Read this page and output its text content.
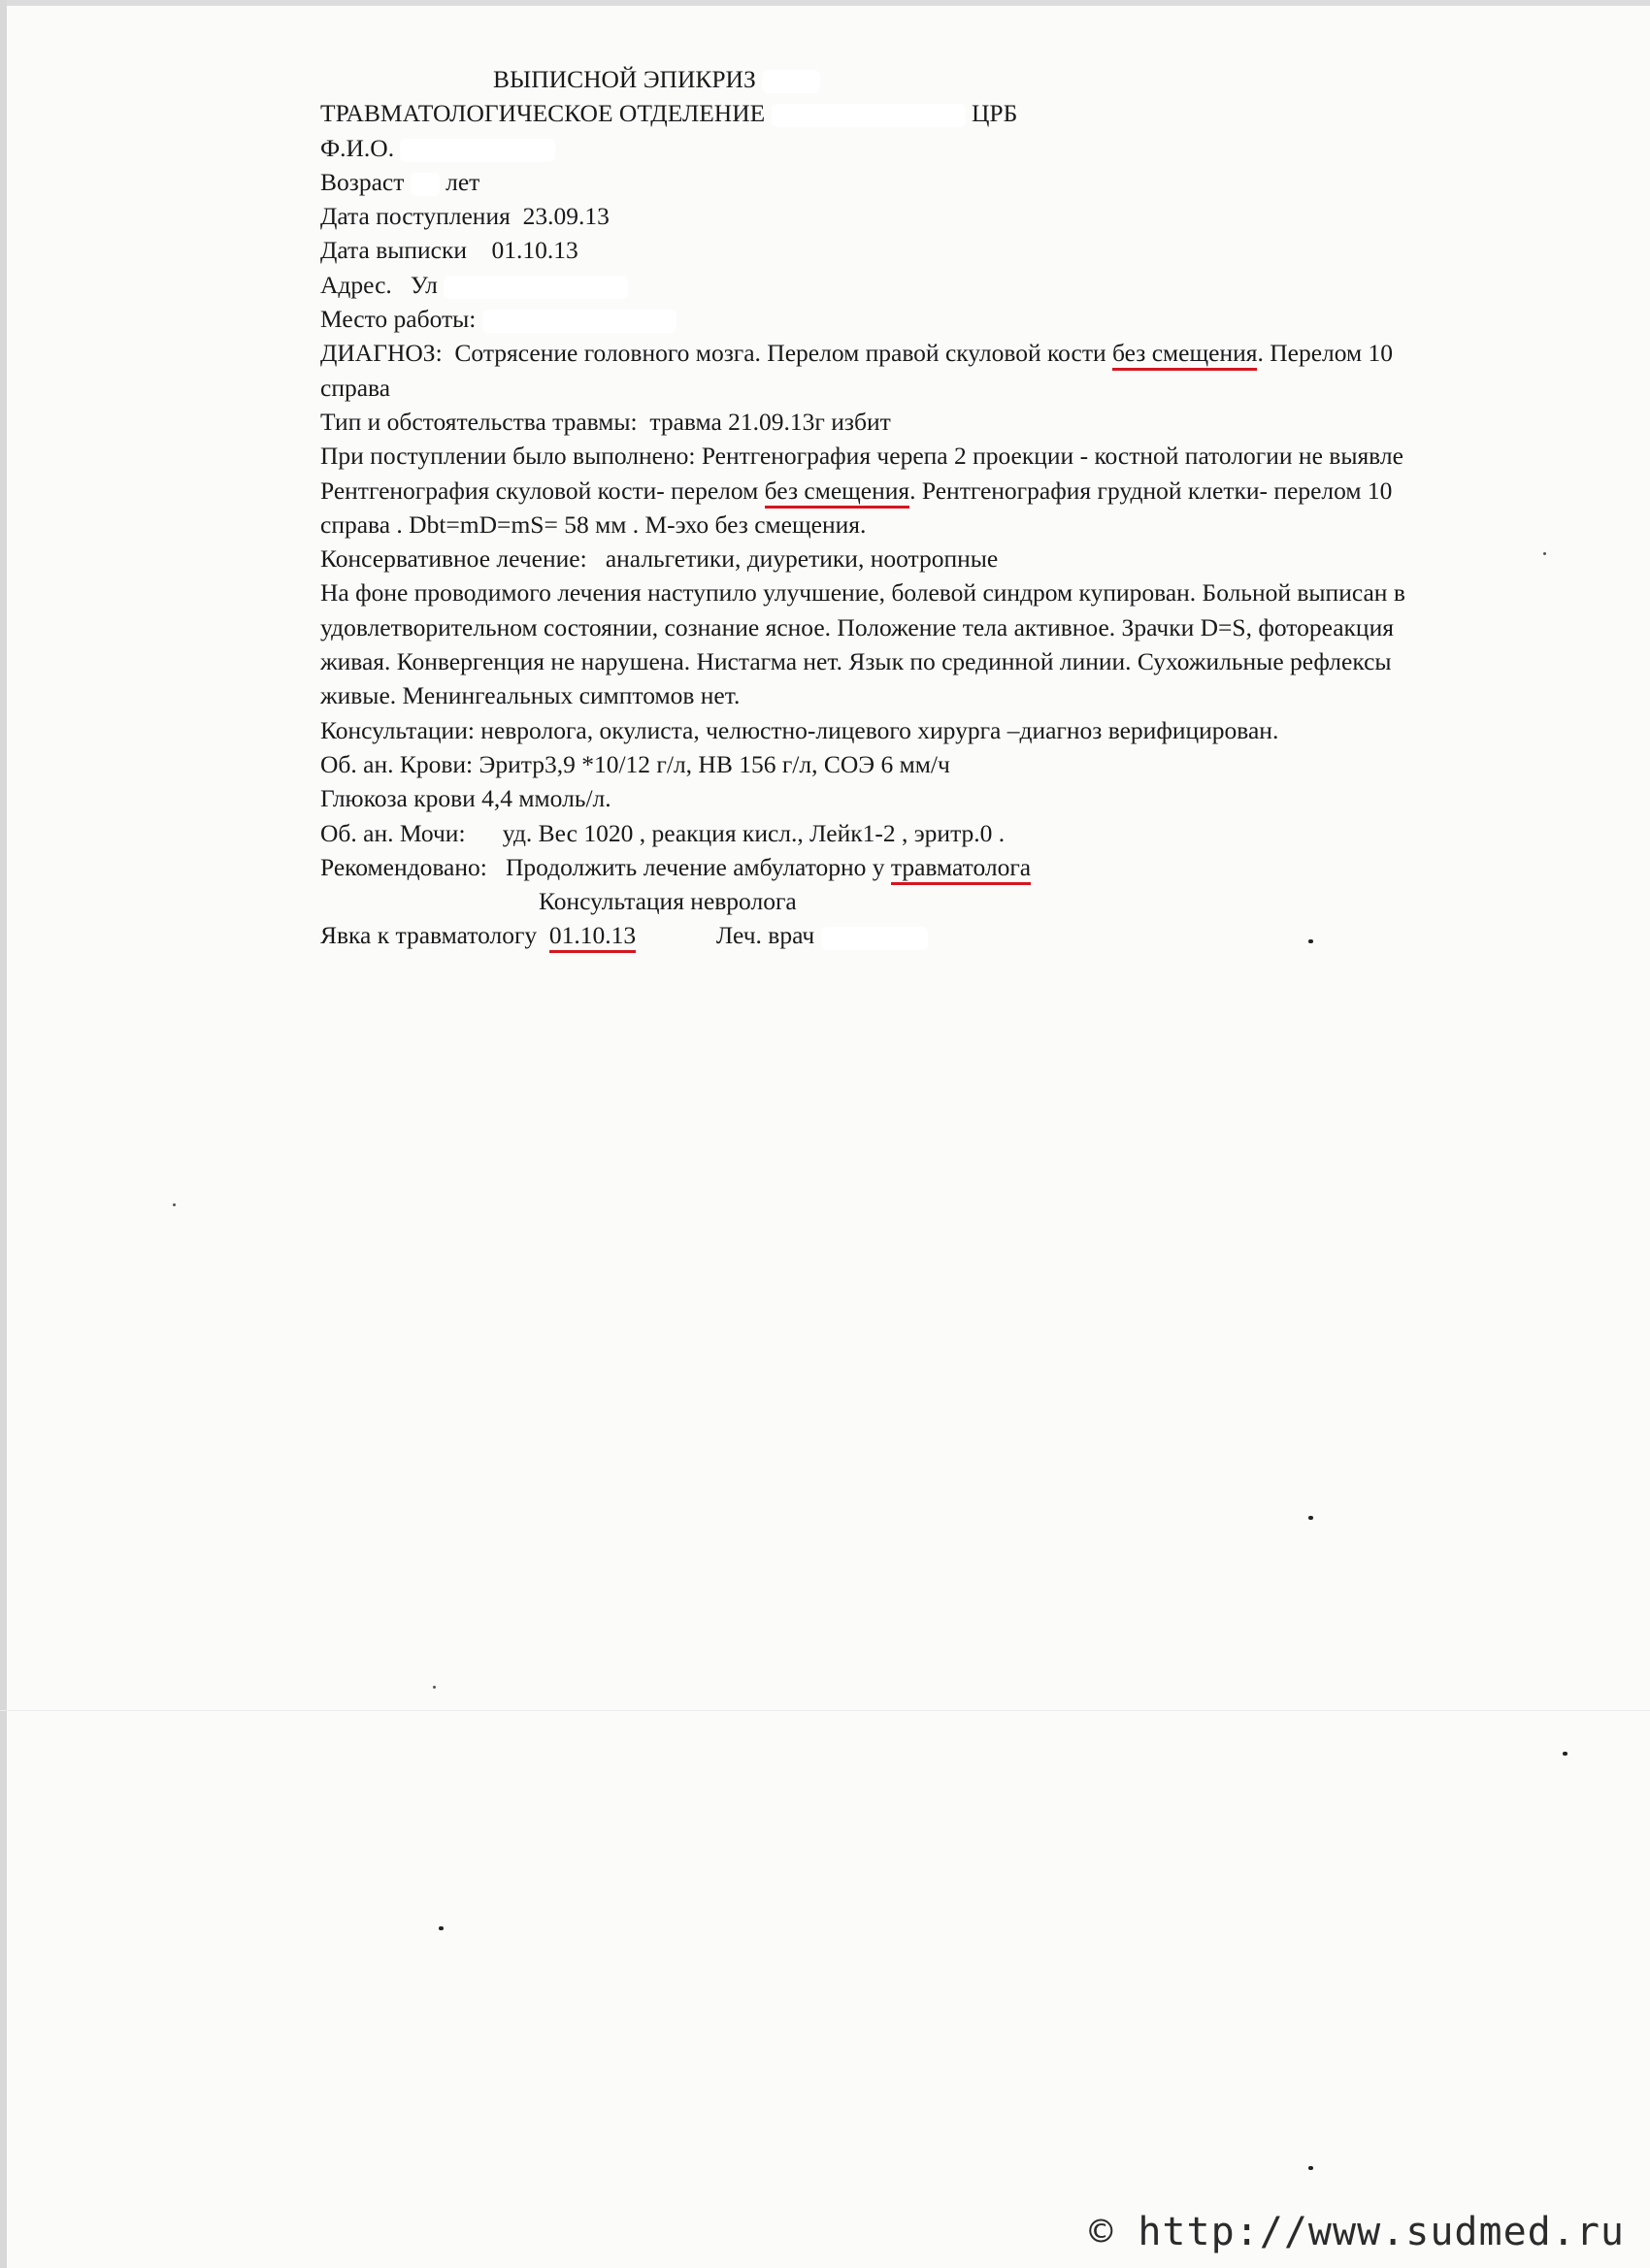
ВЫПИСНОЙ ЭПИКРИЗ
ТРАВМАТОЛОГИЧЕСКОЕ ОТДЕЛЕНИЕ	ЦРБ
Ф.И.О.
Возраст лет
Дата поступления 23.09.13
Дата выписки 01.10.13
Адрес. Ул
Место работы:
ДИАГНОЗ: Сотрясение головного мозга. Перелом правой скуловой кости без смещения. Перелом 10
справа
Тип и обстоятельства травмы: травма 21.09.13г избит
При поступлении было выполнено: Рентгенография черепа 2 проекции - костной патологии не выявле
Рентгенография скуловой кости- перелом без смещения. Рентгенография грудной клетки- перелом 10
справа . Dbt=mD=mS= 58 мм . М-эхо без смещения.
Консервативное лечение: анальгетики, диуретики, ноотропные
На фоне проводимого лечения наступило улучшение, болевой синдром купирован. Больной выписан в
удовлетворительном состоянии, сознание ясное. Положение тела активное. Зрачки D=S, фотореакция
живая. Конвергенция не нарушена. Нистагма нет. Язык по срединной линии. Сухожильные рефлексы
живые. Менингеальных симптомов нет.
Консультации: невролога, окулиста, челюстно-лицевого хирурга –диагноз верифицирован.
Об. ан. Крови: Эритр3,9 *10/12 г/л, HB 156 г/л, СОЭ 6 мм/ч
Глюкоза крови 4,4 ммоль/л.
Об. ан. Мочи: уд. Вес 1020 , реакция кисл., Лейк1-2 , эритр.0 .
Рекомендовано: Продолжить лечение амбулаторно у травматолога
Консультация невролога
Явка к травматологу 01.10.13	Леч. врач
© http://www.sudmed.ru
